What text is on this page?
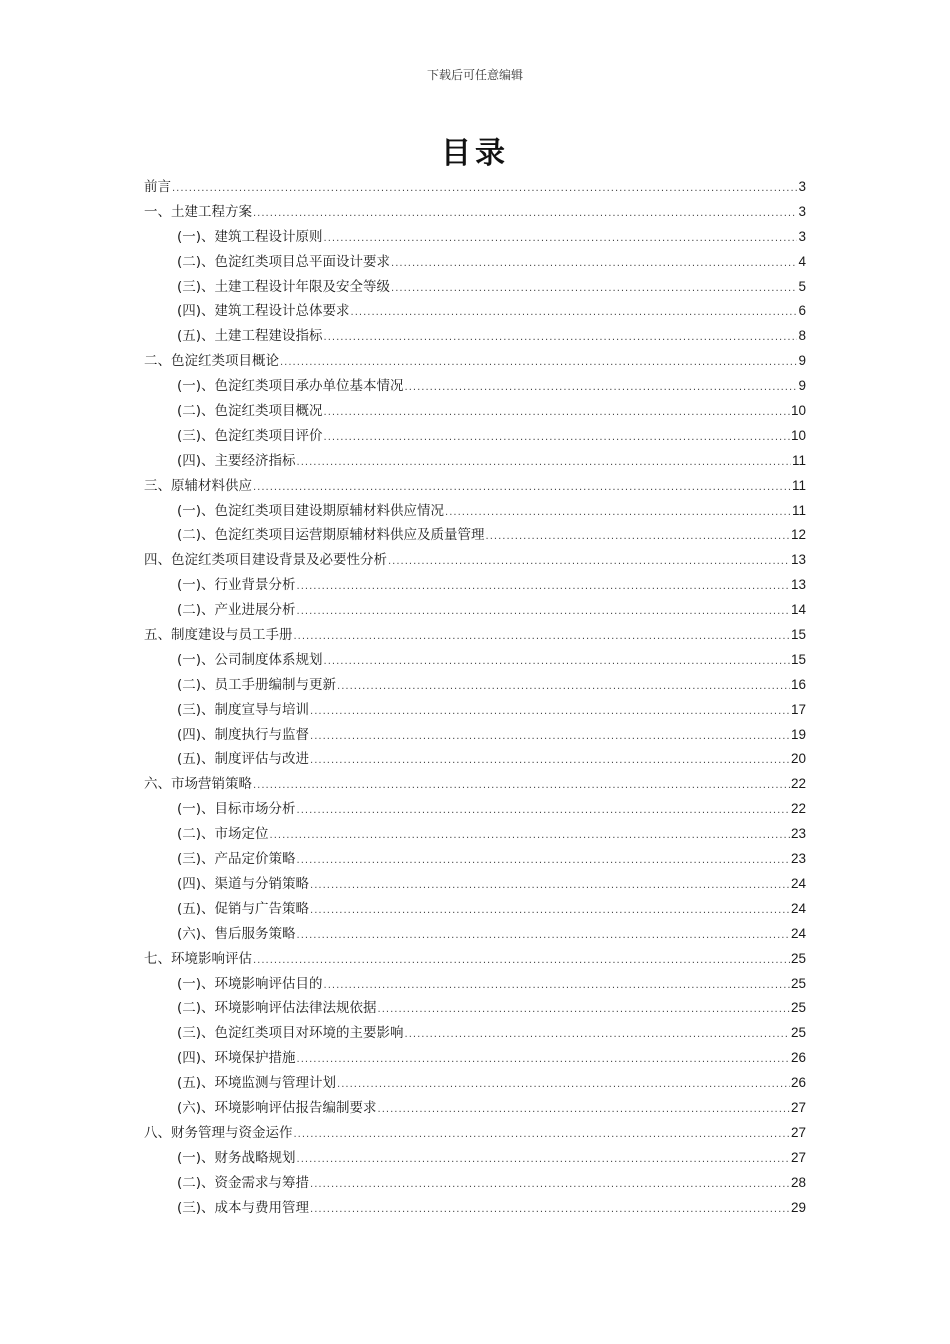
下载后可任意编辑
目录
前言 .....	3
一、土建工程方案 .....	3
(一)、建筑工程设计原则 .....	3
(二)、色淀红类项目总平面设计要求 .....	4
(三)、土建工程设计年限及安全等级 .....	5
(四)、建筑工程设计总体要求 .....	6
(五)、土建工程建设指标 .....	8
二、色淀红类项目概论 .....	9
(一)、色淀红类项目承办单位基本情况 .....	9
(二)、色淀红类项目概况 .....	10
(三)、色淀红类项目评价 .....	10
(四)、主要经济指标 .....	11
三、原辅材料供应 .....	11
(一)、色淀红类项目建设期原辅材料供应情况 .....	11
(二)、色淀红类项目运营期原辅材料供应及质量管理 .....	12
四、色淀红类项目建设背景及必要性分析 .....	13
(一)、行业背景分析 .....	13
(二)、产业进展分析 .....	14
五、制度建设与员工手册 .....	15
(一)、公司制度体系规划 .....	15
(二)、员工手册编制与更新 .....	16
(三)、制度宣导与培训 .....	17
(四)、制度执行与监督 .....	19
(五)、制度评估与改进 .....	20
六、市场营销策略 .....	22
(一)、目标市场分析 .....	22
(二)、市场定位 .....	23
(三)、产品定价策略 .....	23
(四)、渠道与分销策略 .....	24
(五)、促销与广告策略 .....	24
(六)、售后服务策略 .....	24
七、环境影响评估 .....	25
(一)、环境影响评估目的 .....	25
(二)、环境影响评估法律法规依据 .....	25
(三)、色淀红类项目对环境的主要影响 .....	25
(四)、环境保护措施 .....	26
(五)、环境监测与管理计划 .....	26
(六)、环境影响评估报告编制要求 .....	27
八、财务管理与资金运作 .....	27
(一)、财务战略规划 .....	27
(二)、资金需求与筹措 .....	28
(三)、成本与费用管理 .....	29
